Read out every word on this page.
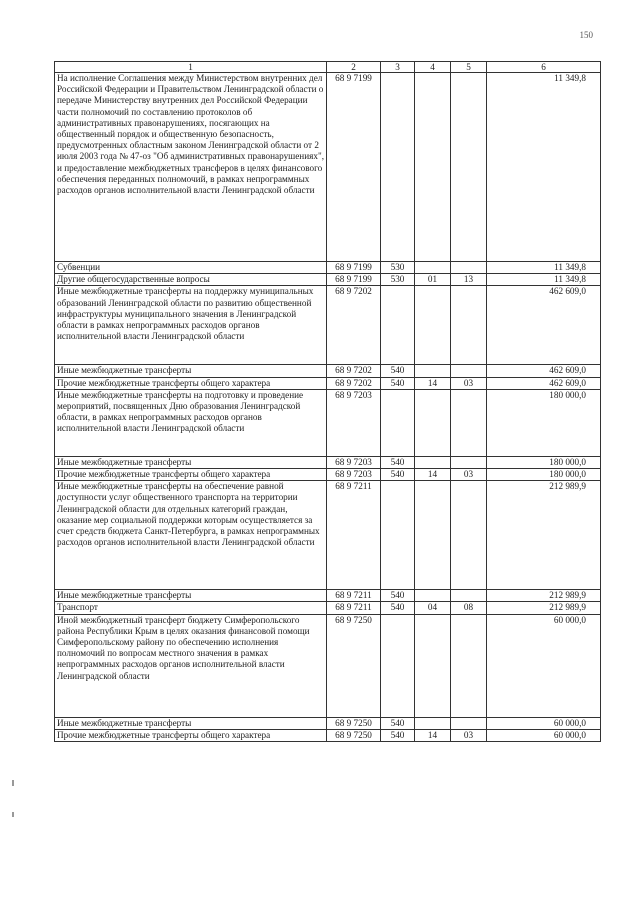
150
1	2	3	4	5	6
На исполнение Соглашения между Министерством внутренних дел Российской Федерации и Правительством Ленинградской области о передаче Министерству внутренних дел Российской Федерации части полномочий по составлению протоколов об административных правонарушениях, посягающих на общественный порядок и общественную безопасность, предусмотренных областным законом Ленинградской области от 2 июля 2003 года № 47-оз "Об административных правонарушениях", и предоставление межбюджетных трансферов в целях финансового обеспечения переданных полномочий, в рамках непрограммных расходов органов исполнительной власти Ленинградской области	68 9 7199				11 349,8
Субвенции	68 9 7199	530			11 349,8
Другие общегосударственные вопросы	68 9 7199	530	01	13	11 349,8
Иные межбюджетные трансферты на поддержку муниципальных образований Ленинградской области по развитию общественной инфраструктуры муниципального значения в Ленинградской области в рамках непрограммных расходов органов исполнительной власти Ленинградской области	68 9 7202				462 609,0
Иные межбюджетные трансферты	68 9 7202	540			462 609,0
Прочие межбюджетные трансферты общего характера	68 9 7202	540	14	03	462 609,0
Иные межбюджетные трансферты на подготовку и проведение мероприятий, посвященных Дню образования Ленинградской области, в рамках непрограммных расходов органов исполнительной власти Ленинградской области	68 9 7203				180 000,0
Иные межбюджетные трансферты	68 9 7203	540			180 000,0
Прочие межбюджетные трансферты общего характера	68 9 7203	540	14	03	180 000,0
Иные межбюджетные трансферты на обеспечение равной доступности услуг общественного транспорта на территории Ленинградской области для отдельных категорий граждан, оказание мер социальной поддержки которым осуществляется за счет средств бюджета Санкт-Петербурга, в рамках непрограммных расходов органов исполнительной власти Ленинградской области	68 9 7211				212 989,9
Иные межбюджетные трансферты	68 9 7211	540			212 989,9
Транспорт	68 9 7211	540	04	08	212 989,9
Иной межбюджетный трансферт бюджету Симферопольского района Республики Крым в целях оказания финансовой помощи Симферопольскому району по обеспечению исполнения полномочий по вопросам местного значения в рамках непрограммных расходов органов исполнительной власти Ленинградской области	68 9 7250				60 000,0
Иные межбюджетные трансферты	68 9 7250	540			60 000,0
Прочие межбюджетные трансферты общего характера	68 9 7250	540	14	03	60 000,0
